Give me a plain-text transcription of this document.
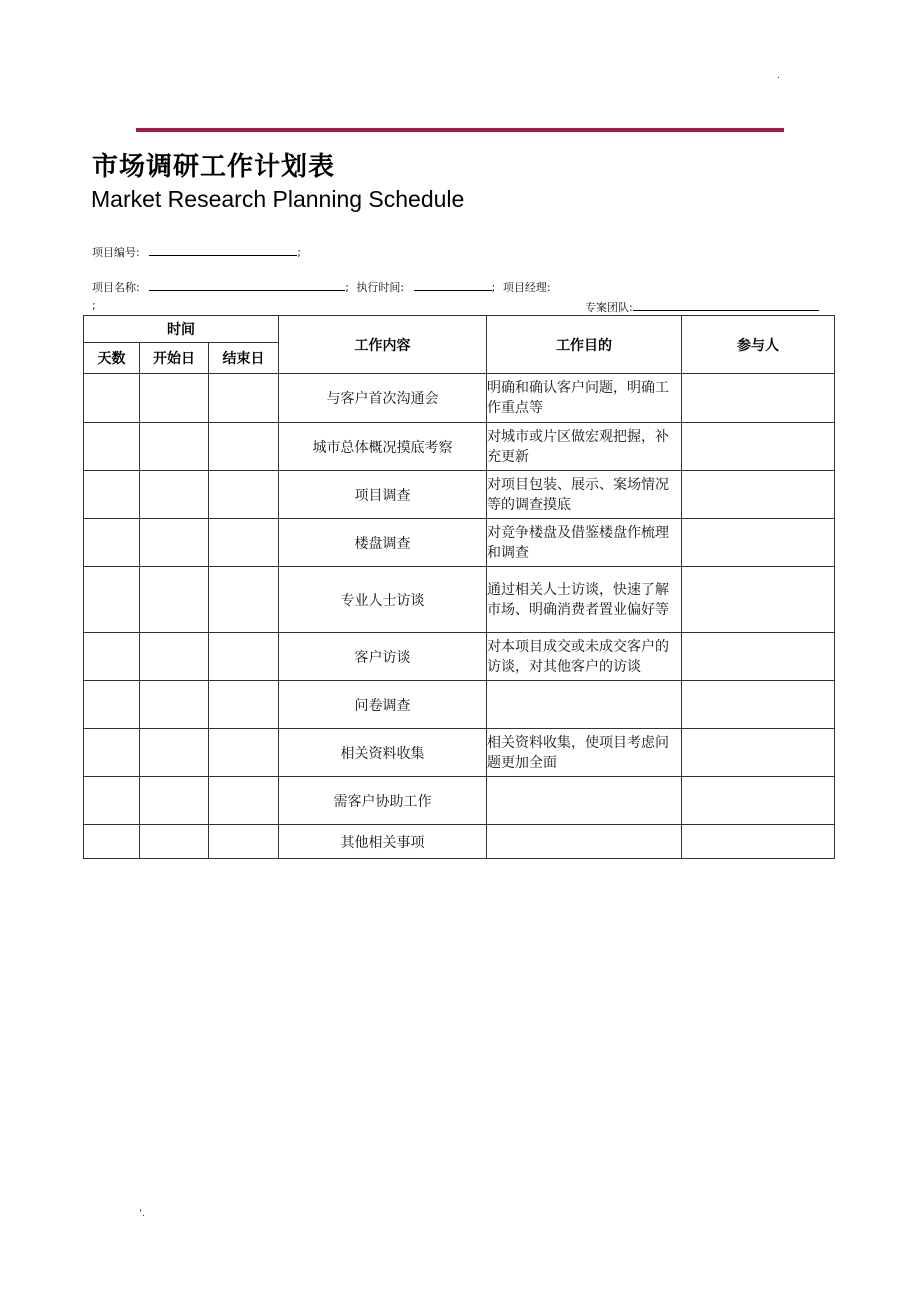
.
市场调研工作计划表
Market Research Planning Schedule
项目编号:	;
项目名称:	; 执行时间:	; 项目经理:
;	专案团队:
时间			工作内容	工作目的	参与人
天数	开始日	结束日			
			与客户首次沟通会	明确和确认客户问题，明确工作重点等	
			城市总体概况摸底考察	对城市或片区做宏观把握，补充更新	
			项目调查	对项目包装、展示、案场情况等的调查摸底	
			楼盘调查	对竞争楼盘及借鉴楼盘作梳理和调查	
			专业人士访谈	通过相关人士访谈，快速了解市场、明确消费者置业偏好等	
			客户访谈	对本项目成交或未成交客户的访谈，对其他客户的访谈	
			问卷调查		
			相关资料收集	相关资料收集，使项目考虑问题更加全面	
			需客户协助工作		
			其他相关事项		
'.
